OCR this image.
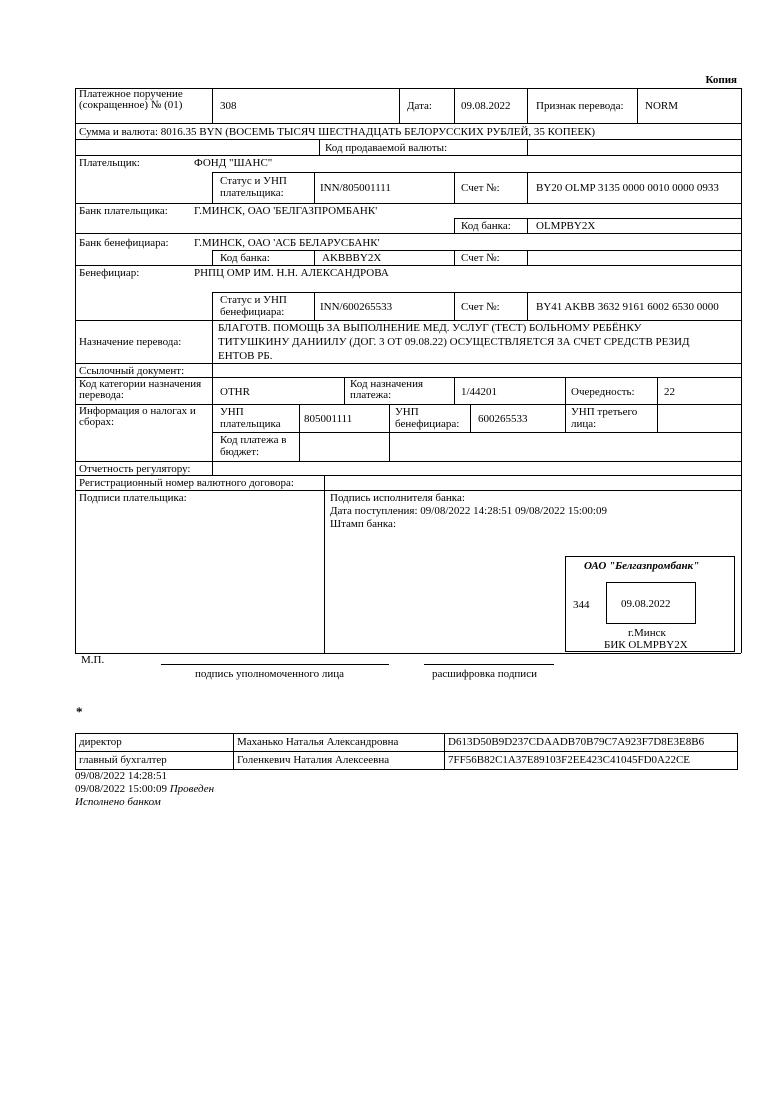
Копия
Платежное поручение (сокращенное) № (01)	308	Дата:	09.08.2022 Признак перевода: NORM
Сумма и валюта: 8016.35 BYN (ВОСЕМЬ ТЫСЯЧ ШЕСТНАДЦАТЬ БЕЛОРУССКИХ РУБЛЕЙ, 35 КОПЕЕК)
Код продаваемой валюты:
Плательщик:	ФОНД "ШАНС"
Статус и УНП плательщика:	INN/805001111	Счет №:	BY20 OLMP 3135 0000 0010 0000 0933
Банк плательщика: Г.МИНСК, ОАО 'БЕЛГАЗПРОМБАНК'
Код банка: OLMPBY2X
Банк бенефициара: Г.МИНСК, ОАО 'АСБ БЕЛАРУСБАНК'
Код банка:	AKBBBY2X	Счет №:
Бенефициар:	РНПЦ ОМР ИМ. Н.Н. АЛЕКСАНДРОВА
Статус и УНП бенефициара:	INN/600265533	Счет №:	BY41 AKBB 3632 9161 6002 6530 0000
Назначение перевода:
БЛАГОТВ. ПОМОЩЬ ЗА ВЫПОЛНЕНИЕ МЕД. УСЛУГ (ТЕСТ) БОЛЬНОМУ РЕБЁНКУ
ТИТУШКИНУ ДАНИИЛУ (ДОГ. 3 ОТ 09.08.22) ОСУЩЕСТВЛЯЕТСЯ ЗА СЧЕТ СРЕДСТВ РЕЗИД
ЕНТОВ РБ.
Ссылочный документ:
Код категории назначения перевода:	OTHR
Код назначения платежа:	1/44201	Очередность:	22
Информация о налогах и сборах:
УНП плательщика	805001111
УНП бенефициара:	600265533
УНП третьего лица:
Код платежа в бюджет:
Отчетность регулятору:
Регистрационный номер валютного договора:
Подписи плательщика:	Подпись исполнителя банка:
Дата поступления: 09/08/2022 14:28:51 09/08/2022 15:00:09
Штамп банка:
ОАО "Белгазпромбанк"
344	09.08.2022
г.Минск
БИК OLMPBY2X
М.П.
подпись уполномоченного лица	расшифровка подписи
*
директор	Маханько Наталья Александровна	D613D50B9D237CDAADB70B79C7A923F7D8E3E8B6
главный бухгалтер	Голенкевич Наталия Алексеевна	7FF56B82C1A37E89103F2EE423C41045FD0A22CE
09/08/2022 14:28:51
09/08/2022 15:00:09 Проведен
Исполнено банком
